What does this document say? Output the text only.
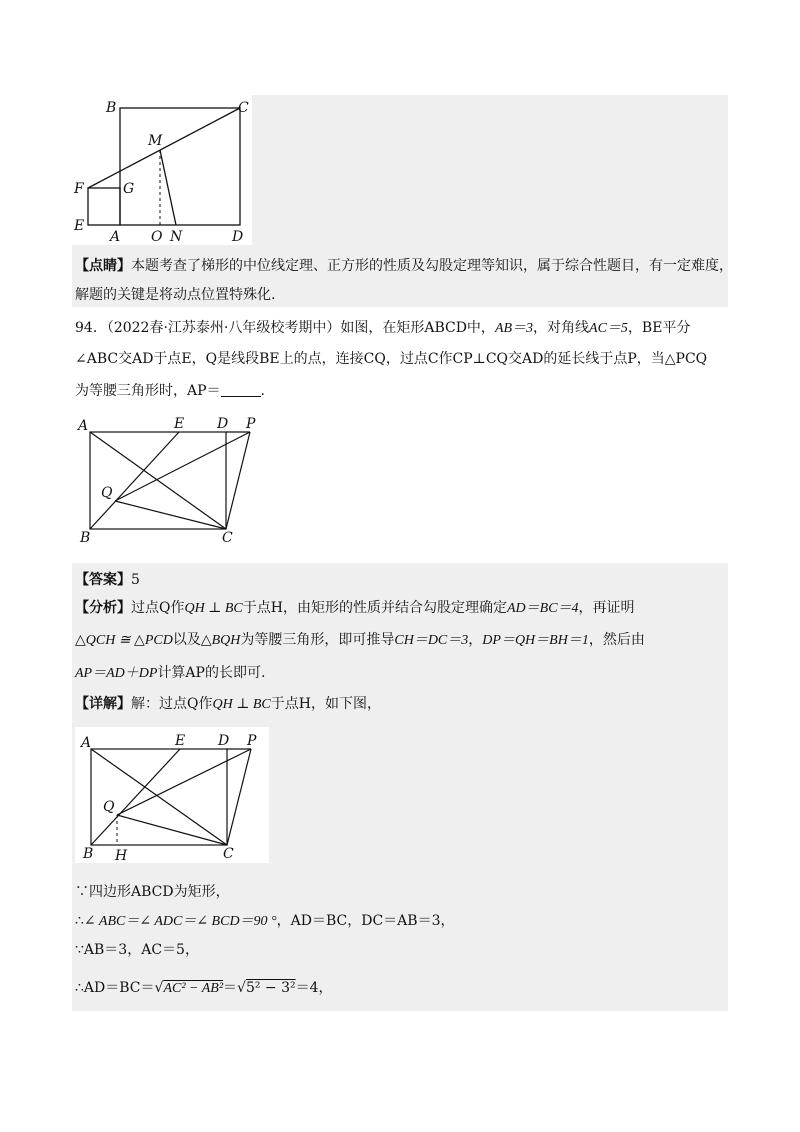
B	C
M
F	G
E
A O N	D
【点睛】本题考查了梯形的中位线定理、正方形的性质及勾股定理等知识，属于综合性题目，有一定难度，
解题的关键是将动点位置特殊化.
94．（2022春·江苏泰州·八年级校考期中）如图，在矩形ABCD中，AB＝3，对角线AC＝5，BE平分
∠ABC交AD于点E，Q是线段BE上的点，连接CQ，过点C作CP⊥CQ交AD的延长线于点P，当△PCQ
为等腰三角形时，AP＝	.
A	E D P
Q
B	C
【答案】5
【分析】过点Q作QH ⊥ BC于点H，由矩形的性质并结合勾股定理确定AD＝BC＝4，再证明
△QCH ≅ △PCD以及△BQH为等腰三角形，即可推导CH＝DC＝3，DP＝QH＝BH＝1，然后由
AP＝AD＋DP计算AP的长即可.
【详解】解：过点Q作QH ⊥ BC于点H，如下图，
A	E D P
Q
B H	C
∵四边形ABCD为矩形，
∴∠ ABC＝∠ ADC＝∠ BCD＝90 °，AD＝BC，DC＝AB＝3，
∵AB＝3，AC＝5，
∴AD＝BC＝√AC² − AB²＝√5² − 3²＝4，
